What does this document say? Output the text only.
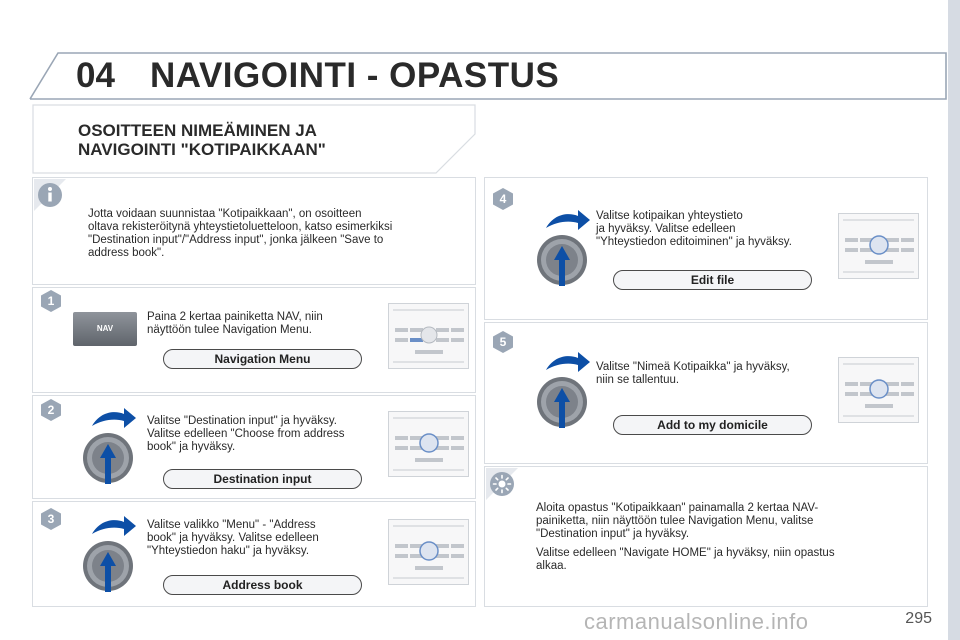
04 NAVIGOINTI - OPASTUS
OSOITTEEN NIMEÄMINEN JA
NAVIGOINTI "KOTIPAIKKAAN"
Jotta voidaan suunnistaa "Kotipaikkaan", on osoitteen
oltava rekisteröitynä yhteystietoluetteloon, katso esimerkiksi
"Destination input"/"Address input", jonka jälkeen "Save to
address book".
1
NAV
Paina 2 kertaa painiketta NAV, niin
näyttöön tulee Navigation Menu.
Navigation Menu
2
Valitse "Destination input" ja hyväksy.
Valitse edelleen "Choose from address
book" ja hyväksy.
Destination input
3	Valitse valikko "Menu" - "Address
book" ja hyväksy. Valitse edelleen
"Yhteystiedon haku" ja hyväksy.
Address book
4
Valitse kotipaikan yhteystieto
ja hyväksy. Valitse edelleen
"Yhteystiedon editoiminen" ja hyväksy.
Edit file
5
Valitse "Nimeä Kotipaikka" ja hyväksy,
niin se tallentuu.
Add to my domicile
Aloita opastus "Kotipaikkaan" painamalla 2 kertaa NAV-
painiketta, niin näyttöön tulee Navigation Menu, valitse
"Destination input" ja hyväksy.
Valitse edelleen "Navigate HOME" ja hyväksy, niin opastus
alkaa.
carmanualsonline.info	295
